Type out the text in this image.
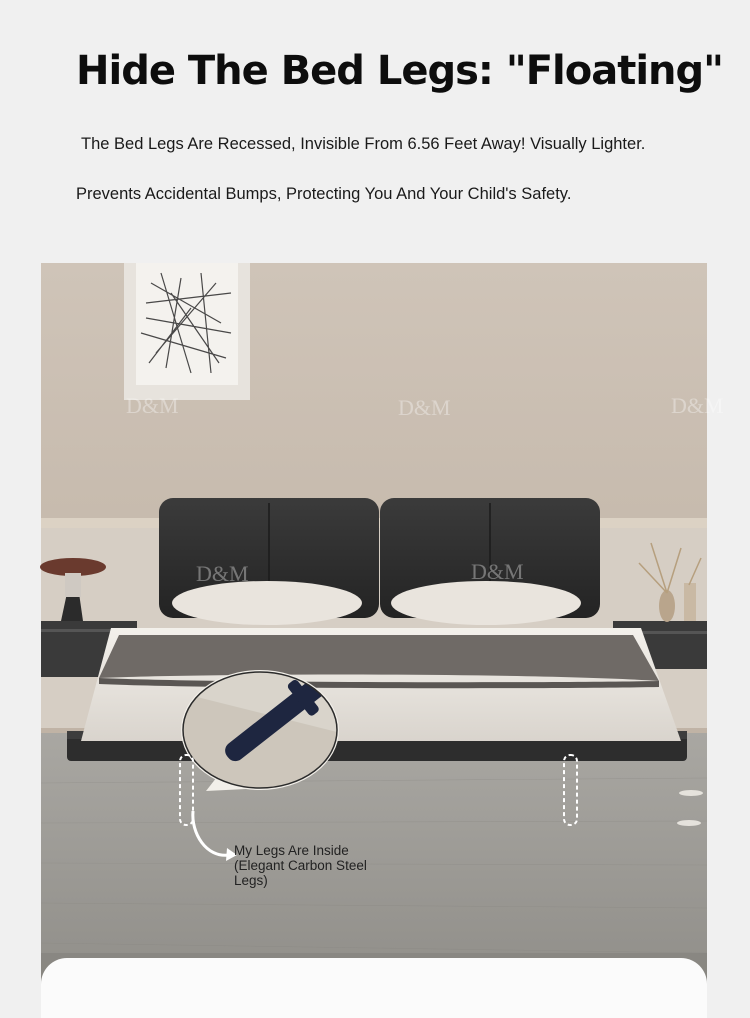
Hide The Bed Legs: "Floating"
The Bed Legs Are Recessed, Invisible From 6.56 Feet Away! Visually Lighter.
Prevents Accidental Bumps, Protecting You And Your Child's Safety.
D&M	D&M	D&M
D&M	D&M
My Legs Are Inside (Elegant Carbon Steel Legs)
